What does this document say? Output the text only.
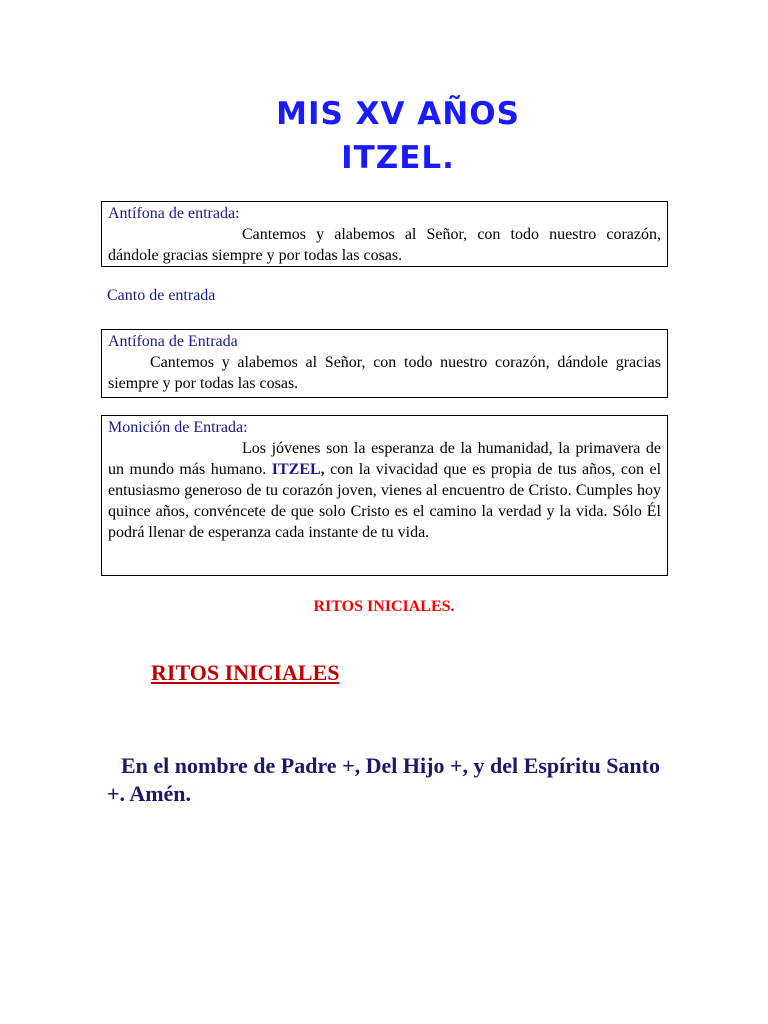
MIS XV AÑOS
ITZEL.
Antífona de entrada:
Cantemos y alabemos al Señor, con todo nuestro corazón, dándole gracias siempre y por todas las cosas.
Canto de entrada
Antífona de Entrada
Cantemos y alabemos al Señor, con todo nuestro corazón, dándole gracias siempre y por todas las cosas.
Monición de Entrada:
Los jóvenes son la esperanza de la humanidad, la primavera de un mundo más humano. ITZEL, con la vivacidad que es propia de tus años, con el entusiasmo generoso de tu corazón joven, vienes al encuentro de Cristo. Cumples hoy quince años, convéncete de que solo Cristo es el camino la verdad y la vida. Sólo Él podrá llenar de esperanza cada instante de tu vida.
RITOS INICIALES.
RITOS INICIALES
En el nombre de Padre +, Del Hijo +, y del Espíritu Santo +. Amén.
